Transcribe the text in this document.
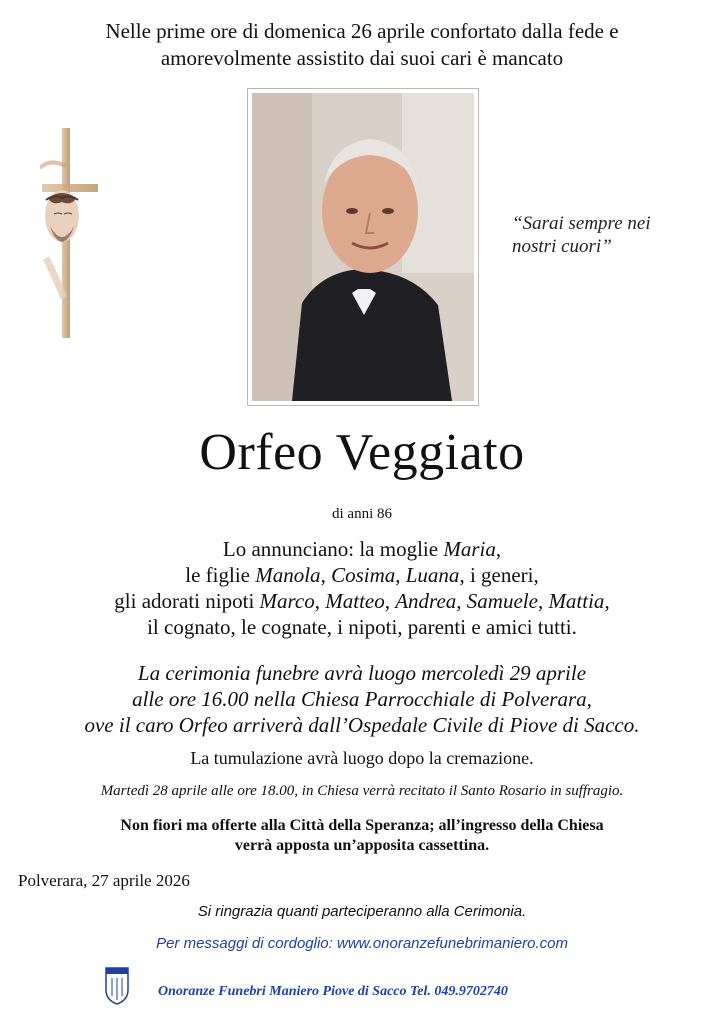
Nelle prime ore di domenica 26 aprile confortato dalla fede e
amorevolmente assistito dai suoi cari è mancato
“Sarai sempre nei
nostri cuori”
Orfeo Veggiato
di anni 86
Lo annunciano: la moglie Maria,
le figlie Manola, Cosima, Luana, i generi,
gli adorati nipoti Marco, Matteo, Andrea, Samuele, Mattia,
il cognato, le cognate, i nipoti, parenti e amici tutti.
La cerimonia funebre avrà luogo mercoledì 29 aprile
alle ore 16.00 nella Chiesa Parrocchiale di Polverara,
ove il caro Orfeo arriverà dall’Ospedale Civile di Piove di Sacco.
La tumulazione avrà luogo dopo la cremazione.
Martedì 28 aprile alle ore 18.00, in Chiesa verrà recitato il Santo Rosario in suffragio.
Non fiori ma offerte alla Città della Speranza; all’ingresso della Chiesa
verrà apposta un’apposita cassettina.
Polverara, 27 aprile 2026
Si ringrazia quanti parteciperanno alla Cerimonia.
Per messaggi di cordoglio: www.onoranzefunebrimaniero.com
Onoranze Funebri Maniero Piove di Sacco Tel. 049.9702740
